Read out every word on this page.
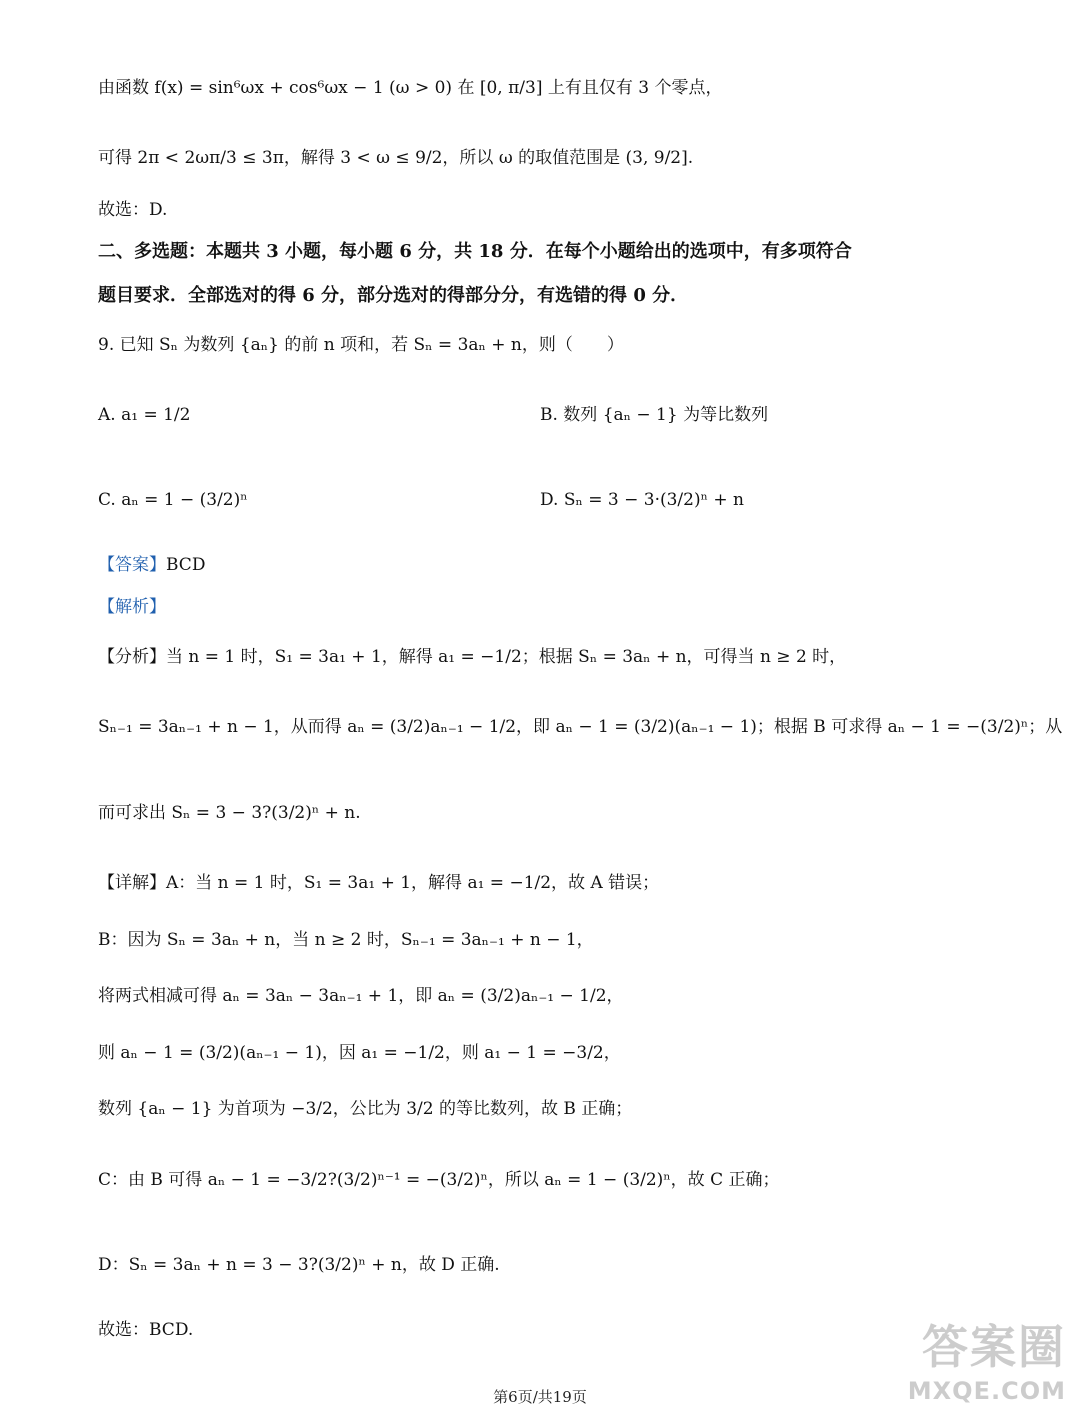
由函数 f(x) = sin⁶ωx + cos⁶ωx − 1 (ω > 0) 在 [0, π/3] 上有且仅有 3 个零点，
可得 2π < 2ωπ/3 ≤ 3π，解得 3 < ω ≤ 9/2，所以 ω 的取值范围是 (3, 9/2].
故选：D.
二、多选题：本题共 3 小题，每小题 6 分，共 18 分．在每个小题给出的选项中，有多项符合
题目要求．全部选对的得 6 分，部分选对的得部分分，有选错的得 0 分．
9. 已知 Sₙ 为数列 {aₙ} 的前 n 项和，若 Sₙ = 3aₙ + n，则（　　）
A. a₁ = 1/2	B. 数列 {aₙ − 1} 为等比数列
C. aₙ = 1 − (3/2)ⁿ	D. Sₙ = 3 − 3·(3/2)ⁿ + n
【答案】BCD
【解析】
【分析】当 n = 1 时，S₁ = 3a₁ + 1，解得 a₁ = −1/2；根据 Sₙ = 3aₙ + n，可得当 n ≥ 2 时，
Sₙ₋₁ = 3aₙ₋₁ + n − 1，从而得 aₙ = (3/2)aₙ₋₁ − 1/2，即 aₙ − 1 = (3/2)(aₙ₋₁ − 1)；根据 B 可求得 aₙ − 1 = −(3/2)ⁿ；从
而可求出 Sₙ = 3 − 3?(3/2)ⁿ + n.
【详解】A：当 n = 1 时，S₁ = 3a₁ + 1，解得 a₁ = −1/2，故 A 错误；
B：因为 Sₙ = 3aₙ + n，当 n ≥ 2 时，Sₙ₋₁ = 3aₙ₋₁ + n − 1，
将两式相减可得 aₙ = 3aₙ − 3aₙ₋₁ + 1，即 aₙ = (3/2)aₙ₋₁ − 1/2，
则 aₙ − 1 = (3/2)(aₙ₋₁ − 1)，因 a₁ = −1/2，则 a₁ − 1 = −3/2，
数列 {aₙ − 1} 为首项为 −3/2，公比为 3/2 的等比数列，故 B 正确；
C：由 B 可得 aₙ − 1 = −3/2?(3/2)ⁿ⁻¹ = −(3/2)ⁿ，所以 aₙ = 1 − (3/2)ⁿ，故 C 正确；
D：Sₙ = 3aₙ + n = 3 − 3?(3/2)ⁿ + n，故 D 正确.
故选：BCD.
第6页/共19页
答案圈
MXQE.COM
